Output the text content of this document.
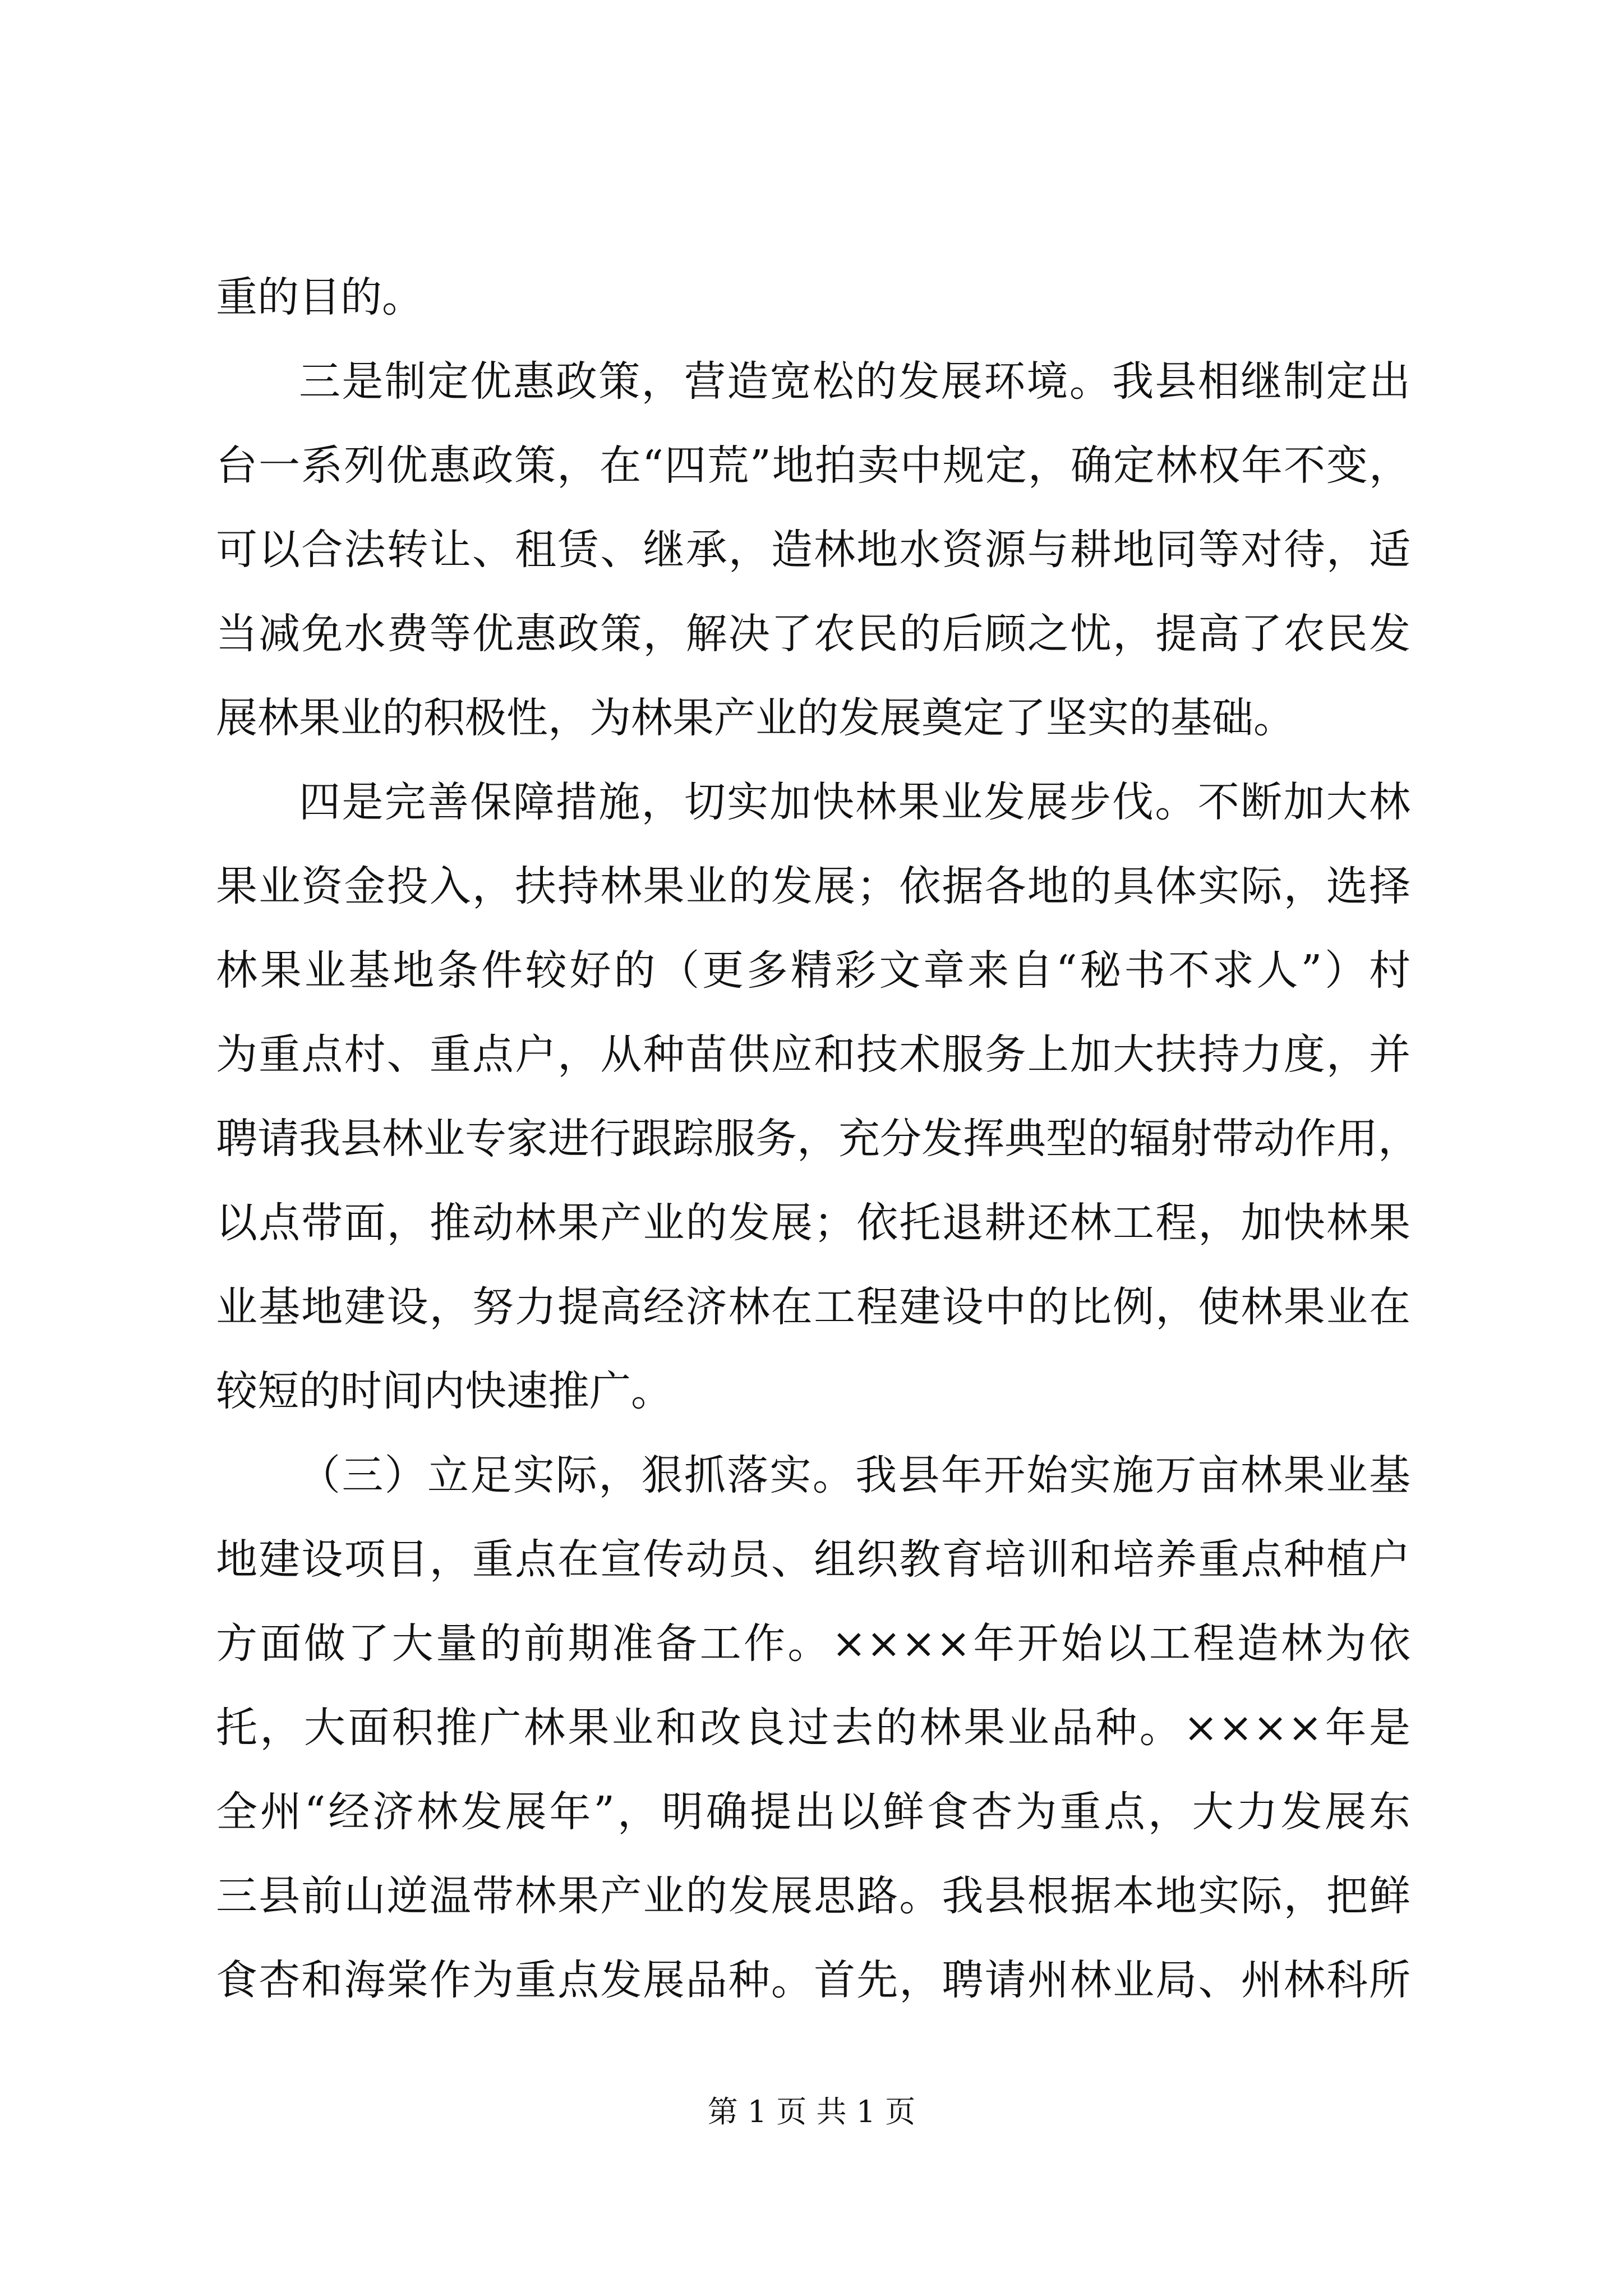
重的目的。
三是制定优惠政策，营造宽松的发展环境。我县相继制定出
台一系列优惠政策，在“四荒”地拍卖中规定，确定林权年不变，
可以合法转让、租赁、继承，造林地水资源与耕地同等对待，适
当减免水费等优惠政策，解决了农民的后顾之忧，提高了农民发
展林果业的积极性，为林果产业的发展奠定了坚实的基础。
四是完善保障措施，切实加快林果业发展步伐。不断加大林
果业资金投入，扶持林果业的发展；依据各地的具体实际，选择
林果业基地条件较好的（更多精彩文章来自“秘书不求人”）村
为重点村、重点户，从种苗供应和技术服务上加大扶持力度，并
聘请我县林业专家进行跟踪服务，充分发挥典型的辐射带动作用，
以点带面，推动林果产业的发展；依托退耕还林工程，加快林果
业基地建设，努力提高经济林在工程建设中的比例，使林果业在
较短的时间内快速推广。
（三）立足实际，狠抓落实。我县年开始实施万亩林果业基
地建设项目，重点在宣传动员、组织教育培训和培养重点种植户
方面做了大量的前期准备工作。××××年开始以工程造林为依
托，大面积推广林果业和改良过去的林果业品种。××××年是
全州“经济林发展年”，明确提出以鲜食杏为重点，大力发展东
三县前山逆温带林果产业的发展思路。我县根据本地实际，把鲜
食杏和海棠作为重点发展品种。首先，聘请州林业局、州林科所
第 1 页 共 1 页
